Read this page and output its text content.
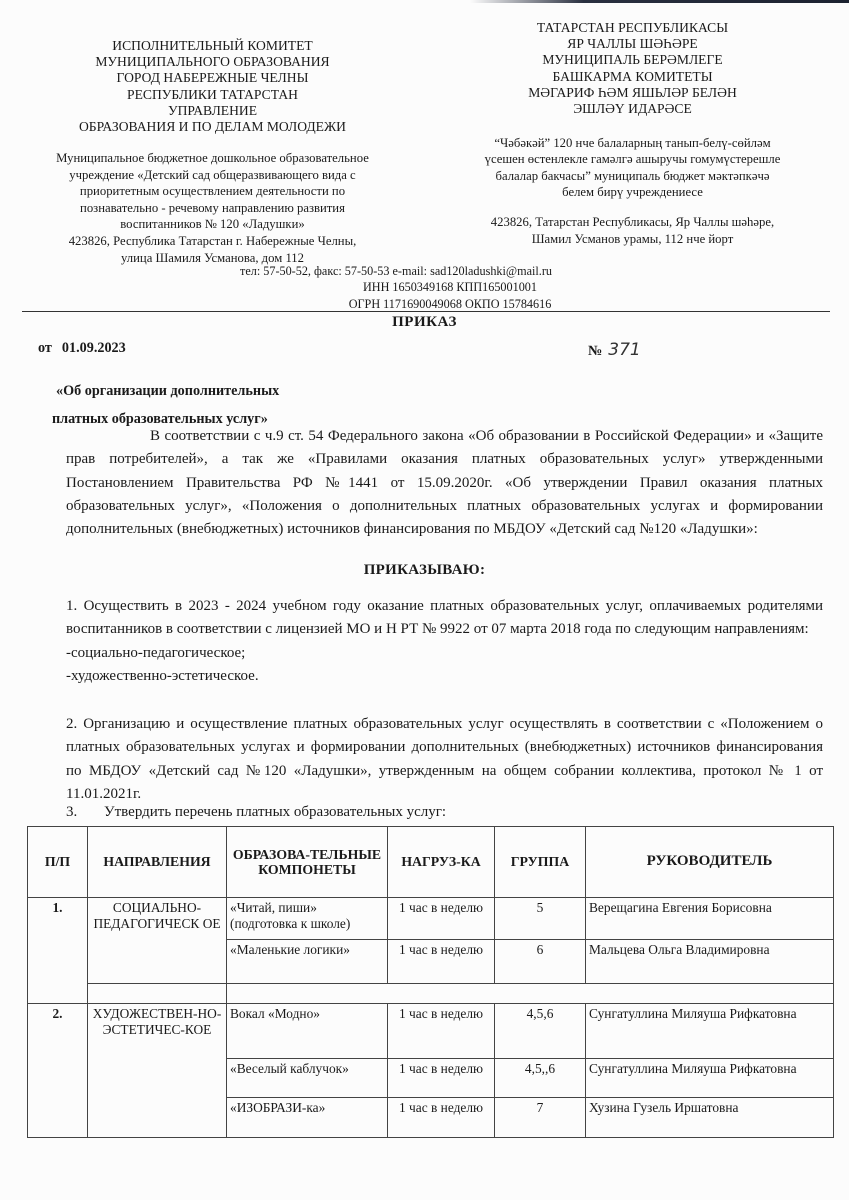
ИСПОЛНИТЕЛЬНЫЙ КОМИТЕТ
МУНИЦИПАЛЬНОГО ОБРАЗОВАНИЯ
ГОРОД НАБЕРЕЖНЫЕ ЧЕЛНЫ
РЕСПУБЛИКИ ТАТАРСТАН
УПРАВЛЕНИЕ
ОБРАЗОВАНИЯ И ПО ДЕЛАМ МОЛОДЕЖИ
ТАТАРСТАН РЕСПУБЛИКАСЫ
ЯР ЧАЛЛЫ ШӘҺӘРЕ
МУНИЦИПАЛЬ БЕРӘМЛЕГЕ
БАШКАРМА КОМИТЕТЫ
МӘГАРИФ ҺӘМ ЯШЬЛӘР БЕЛӘН
ЭШЛӘҮ ИДАРӘСЕ
Муниципальное бюджетное дошкольное образовательное
учреждение «Детский сад общеразвивающего вида с
приоритетным осуществлением деятельности по
познавательно - речевому направлению развития
воспитанников № 120 «Ладушки»
423826, Республика Татарстан г. Набережные Челны,
улица Шамиля Усманова, дом 112
“Чәбәкәй” 120 нче балаларның танып-белү-сөйләм
үсешен өстенлекле гамәлгә ашыручы гомумүстерешле
балалар бакчасы” муниципаль бюджет мәктәпкәчә
белем бирү учреждениесе
423826, Татарстан Республикасы, Яр Чаллы шәһәре,
Шамил Усманов урамы, 112 нче йорт
тел: 57-50-52, факс: 57-50-53 e-mail: sad120ladushki@mail.ru
ИНН 1650349168 КПП165001001
ОГРН 1171690049068 ОКПО 15784616
ПРИКАЗ
от 01.09.2023	№ 371
«Об организации дополнительных
платных образовательных услуг»
В соответствии с ч.9 ст. 54 Федерального закона «Об образовании в Российской Федерации» и «Защите прав потребителей», а так же «Правилами оказания платных образовательных услуг» утвержденными Постановлением Правительства РФ №1441 от 15.09.2020г. «Об утверждении Правил оказания платных образовательных услуг», «Положения о дополнительных платных образовательных услугах и формировании дополнительных (внебюджетных) источников финансирования по МБДОУ «Детский сад №120 «Ладушки»:
ПРИКАЗЫВАЮ:
1. Осуществить в 2023 - 2024 учебном году оказание платных образовательных услуг, оплачиваемых родителями воспитанников в соответствии с лицензией МО и Н РТ № 9922 от 07 марта 2018 года по следующим направлениям:
-социально-педагогическое;
-художественно-эстетическое.
2. Организацию и осуществление платных образовательных услуг осуществлять в соответствии с «Положением о платных образовательных услугах и формировании дополнительных (внебюджетных) источников финансирования по МБДОУ «Детский сад №120 «Ладушки», утвержденным на общем собрании коллектива, протокол № 1 от 11.01.2021г.
3. Утвердить перечень платных образовательных услуг:
П/П	НАПРАВЛЕНИЯ	ОБРАЗОВА-ТЕЛЬНЫЕ КОМПОНЕТЫ	НАГРУЗ-КА	ГРУППА	РУКОВОДИТЕЛЬ
1.	СОЦИАЛЬНО-ПЕДАГОГИЧЕСК ОЕ	«Читай, пиши» (подготовка к школе)	1 час в неделю	5	Верещагина Евгения Борисовна
		«Маленькие логики»	1 час в неделю	6	Мальцева Ольга Владимировна

2.	ХУДОЖЕСТВЕН-НО-ЭСТЕТИЧЕС-КОЕ	Вокал «Модно»	1 час в неделю	4,5,6	Сунгатуллина Миляуша Рифкатовна
		«Веселый каблучок»	1 час в неделю	4,5,,6	Сунгатуллина Миляуша Рифкатовна
		«ИЗОБРАЗИ-ка»	1 час в неделю	7	Хузина Гузель Иршатовна
